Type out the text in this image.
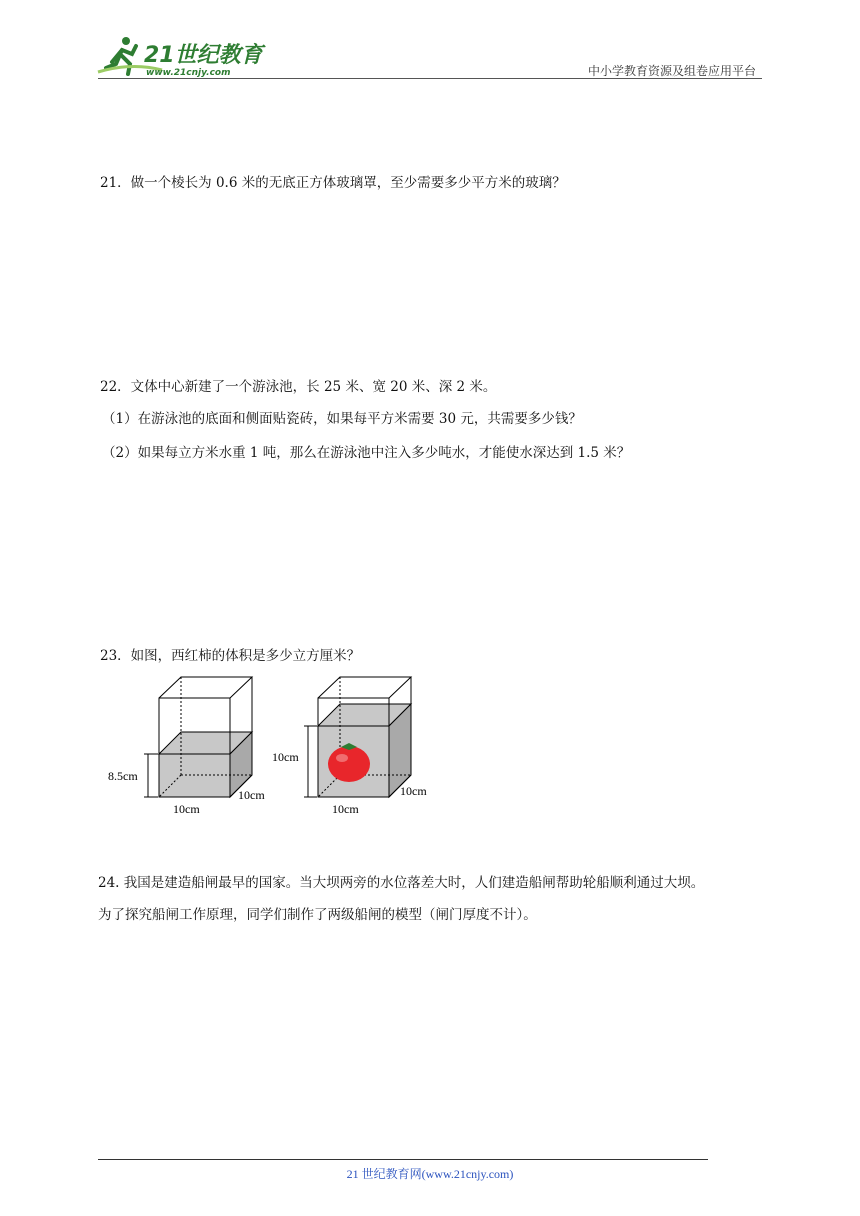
21世纪教育
www.21cnjy.com	中小学教育资源及组卷应用平台
21．做一个棱长为 0.6 米的无底正方体玻璃罩，至少需要多少平方米的玻璃？
22．文体中心新建了一个游泳池，长 25 米、宽 20 米、深 2 米。
（1）在游泳池的底面和侧面贴瓷砖，如果每平方米需要 30 元，共需要多少钱？
（2）如果每立方米水重 1 吨，那么在游泳池中注入多少吨水，才能使水深达到 1.5 米？
23．如图，西红柿的体积是多少立方厘米？
8.5cm
10cm
10cm
10cm
10cm
10cm
24. 我国是建造船闸最早的国家。当大坝两旁的水位落差大时，人们建造船闸帮助轮船顺利通过大坝。
为了探究船闸工作原理，同学们制作了两级船闸的模型（闸门厚度不计）。
21 世纪教育网(www.21cnjy.com)
